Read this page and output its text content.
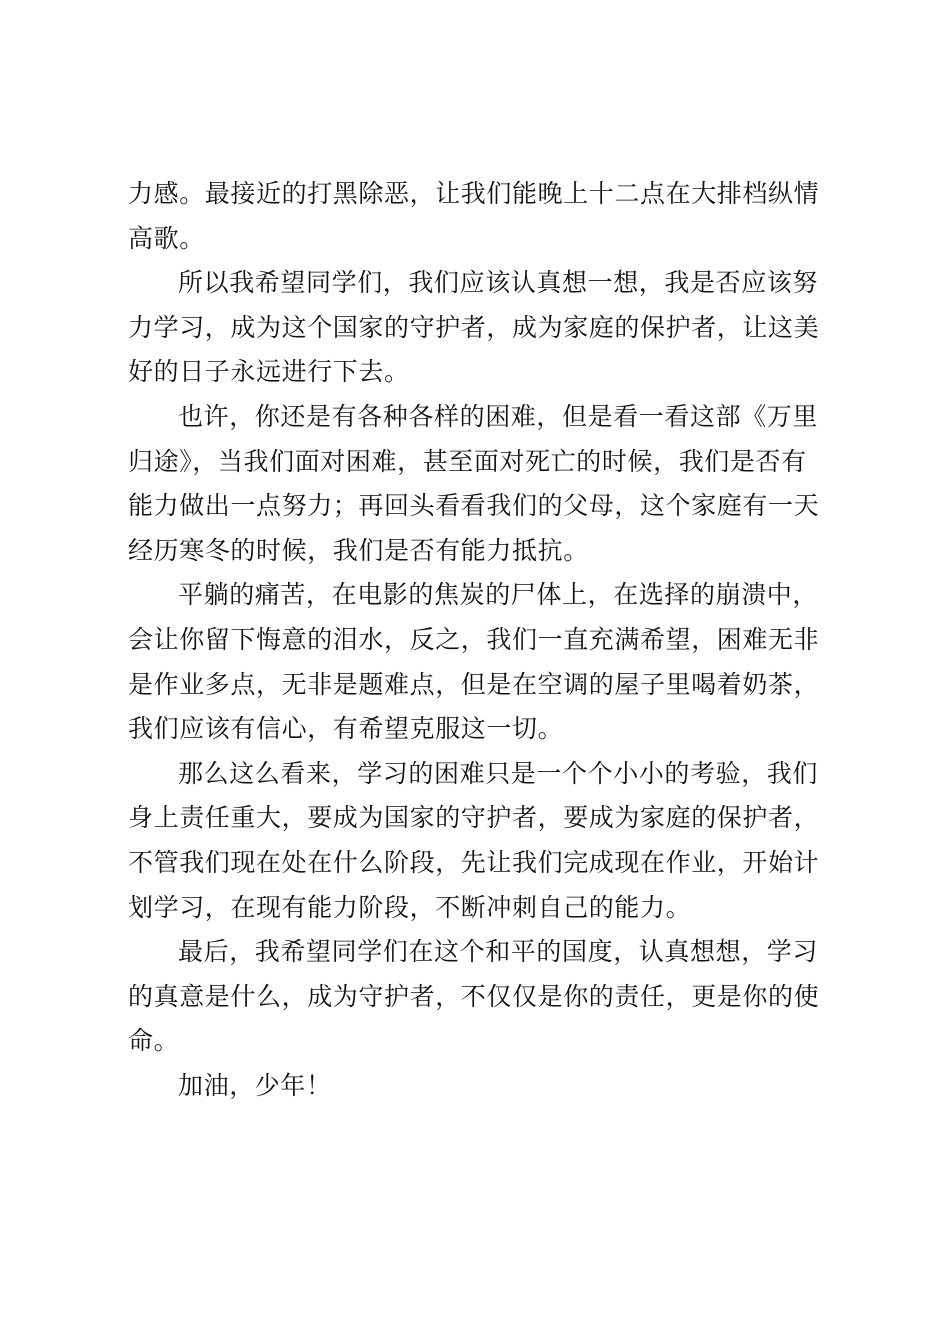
力感。最接近的打黑除恶，让我们能晚上十二点在大排档纵情
高歌。
所以我希望同学们，我们应该认真想一想，我是否应该努
力学习，成为这个国家的守护者，成为家庭的保护者，让这美
好的日子永远进行下去。
也许，你还是有各种各样的困难，但是看一看这部《万里
归途》，当我们面对困难，甚至面对死亡的时候，我们是否有
能力做出一点努力；再回头看看我们的父母，这个家庭有一天
经历寒冬的时候，我们是否有能力抵抗。
平躺的痛苦，在电影的焦炭的尸体上，在选择的崩溃中，
会让你留下悔意的泪水，反之，我们一直充满希望，困难无非
是作业多点，无非是题难点，但是在空调的屋子里喝着奶茶，
我们应该有信心，有希望克服这一切。
那么这么看来，学习的困难只是一个个小小的考验，我们
身上责任重大，要成为国家的守护者，要成为家庭的保护者，
不管我们现在处在什么阶段，先让我们完成现在作业，开始计
划学习，在现有能力阶段，不断冲刺自己的能力。
最后，我希望同学们在这个和平的国度，认真想想，学习
的真意是什么，成为守护者，不仅仅是你的责任，更是你的使
命。
加油，少年！
